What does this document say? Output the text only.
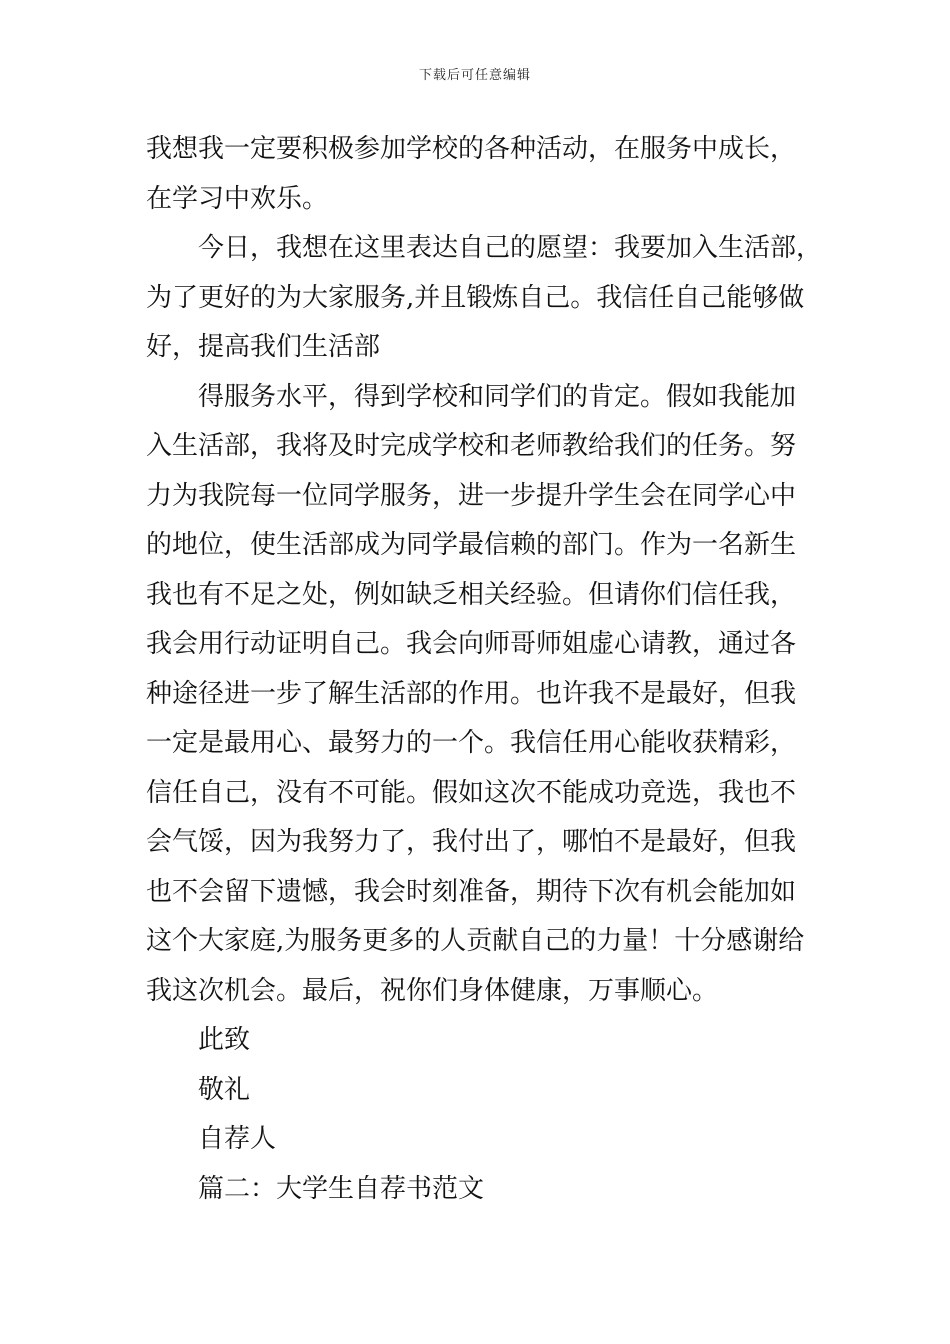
下载后可任意编辑
我想我一定要积极参加学校的各种活动，在服务中成长，
在学习中欢乐。
今日，我想在这里表达自己的愿望：我要加入生活部，
为了更好的为大家服务,并且锻炼自己。我信任自己能够做
好，提高我们生活部
得服务水平，得到学校和同学们的肯定。假如我能加
入生活部，我将及时完成学校和老师教给我们的任务。努
力为我院每一位同学服务，进一步提升学生会在同学心中
的地位，使生活部成为同学最信赖的部门。作为一名新生
我也有不足之处，例如缺乏相关经验。但请你们信任我，
我会用行动证明自己。我会向师哥师姐虚心请教，通过各
种途径进一步了解生活部的作用。也许我不是最好，但我
一定是最用心、最努力的一个。我信任用心能收获精彩，
信任自己，没有不可能。假如这次不能成功竞选，我也不
会气馁，因为我努力了，我付出了，哪怕不是最好，但我
也不会留下遗憾，我会时刻准备，期待下次有机会能加如
这个大家庭,为服务更多的人贡献自己的力量！十分感谢给
我这次机会。最后，祝你们身体健康，万事顺心。
此致
敬礼
自荐人
篇二：大学生自荐书范文
